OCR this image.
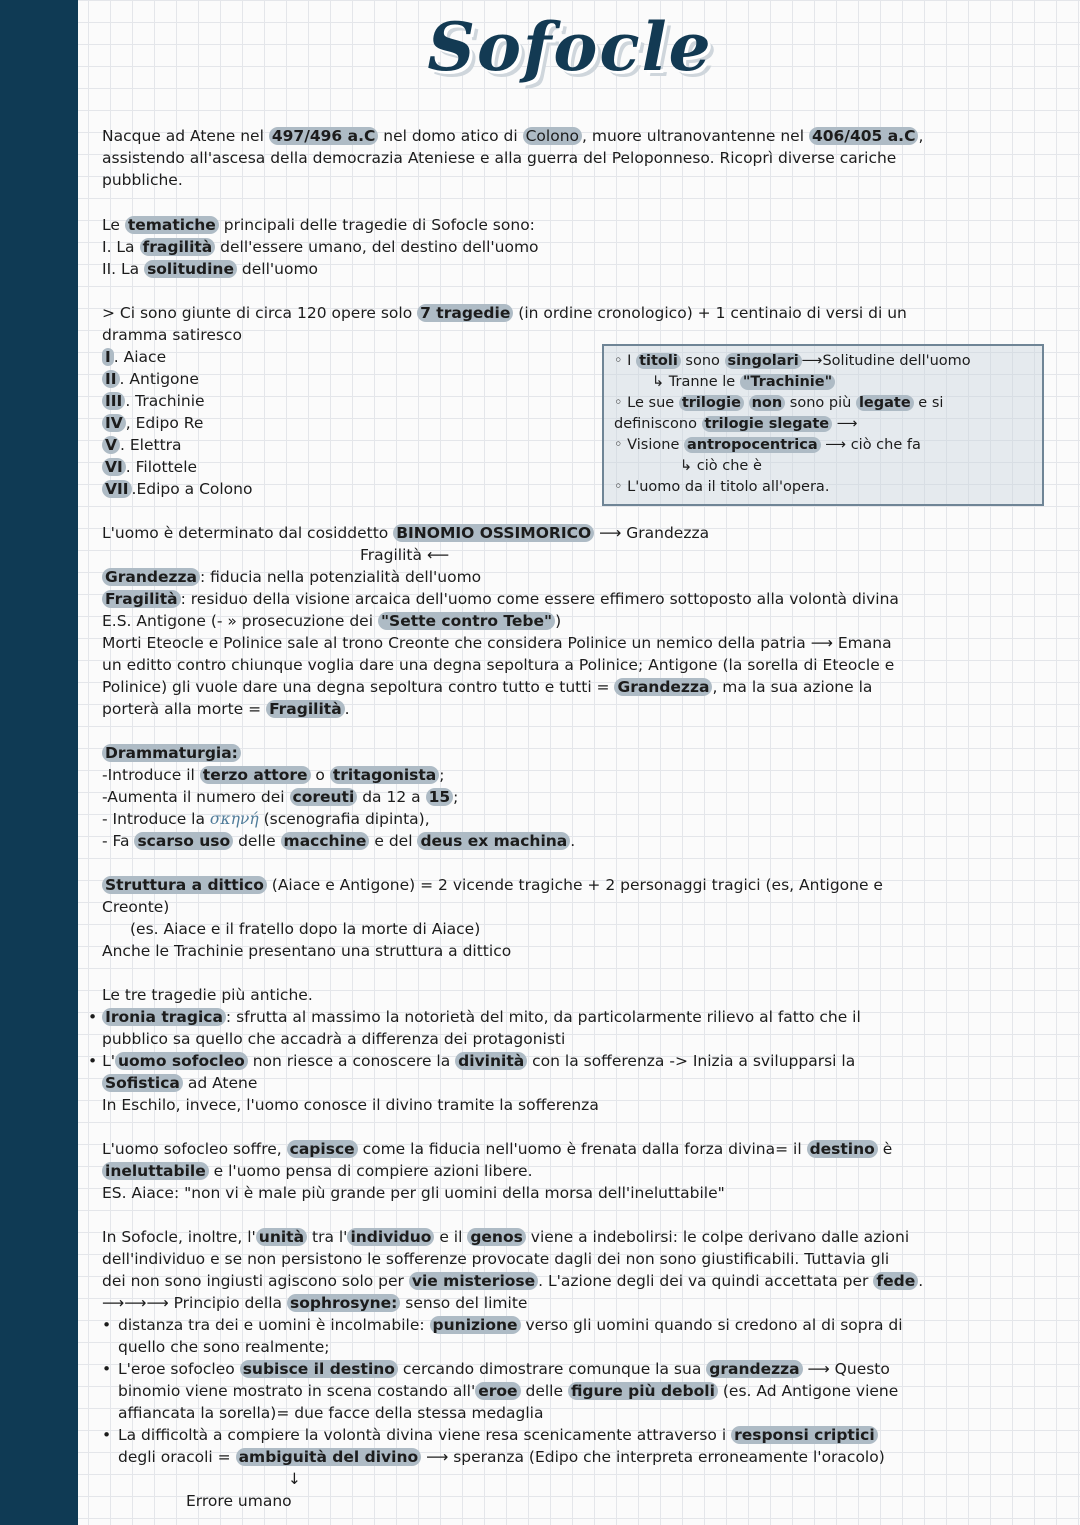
Sofocle
Nacque ad Atene nel 497/496 a.C nel domo atico di Colono , muore ultranovantenne nel 406/405 a.C ,
assistendo all'ascesa della democrazia Ateniese e alla guerra del Peloponneso. Ricoprì diverse cariche
pubbliche.
Le tematiche principali delle tragedie di Sofocle sono:
I. La fragilità dell'essere umano, del destino dell'uomo
II. La solitudine dell'uomo
> Ci sono giunte di circa 120 opere solo 7 tragedie (in ordine cronologico) + 1 centinaio di versi di un
dramma satiresco
I . Aiace
II . Antigone
III . Trachinie
IV , Edipo Re
V . Elettra
VI . Filottele
VII .Edipo a Colono
◦ I titoli sono singolari⟶Solitudine dell'uomo
↳ Tranne le "Trachinie"
◦ Le sue trilogie non sono più legate e si
definiscono trilogie slegate ⟶
◦ Visione antropocentrica ⟶ ciò che fa
↳ ciò che è
◦ L'uomo da il titolo all'opera.
L'uomo è determinato dal cosiddetto BINOMIO OSSIMORICO ⟶ Grandezza
Fragilità ⟵
Grandezza : fiducia nella potenzialità dell'uomo
Fragilità : residuo della visione arcaica dell'uomo come essere effimero sottoposto alla volontà divina
E.S. Antigone (- » prosecuzione dei "Sette contro Tebe" )
Morti Eteocle e Polinice sale al trono Creonte che considera Polinice un nemico della patria ⟶ Emana
un editto contro chiunque voglia dare una degna sepoltura a Polinice; Antigone (la sorella di Eteocle e
Polinice) gli vuole dare una degna sepoltura contro tutto e tutti = Grandezza , ma la sua azione la
porterà alla morte = Fragilità .
Drammaturgia:
-Introduce il terzo attore o tritagonista ;
-Aumenta il numero dei coreuti da 12 a 15 ;
- Introduce la σκηνή (scenografia dipinta),
- Fa scarso uso delle macchine e del deus ex machina .
Struttura a dittico (Aiace e Antigone) = 2 vicende tragiche + 2 personaggi tragici (es, Antigone e
Creonte)
(es. Aiace e il fratello dopo la morte di Aiace)
Anche le Trachinie presentano una struttura a dittico
Le tre tragedie più antiche.
• Ironia tragica : sfrutta al massimo la notorietà del mito, da particolarmente rilievo al fatto che il
pubblico sa quello che accadrà a differenza dei protagonisti
• L' uomo sofocleo non riesce a conoscere la divinità con la sofferenza -> Inizia a svilupparsi la
Sofistica ad Atene
In Eschilo, invece, l'uomo conosce il divino tramite la sofferenza
L'uomo sofocleo soffre, capisce come la fiducia nell'uomo è frenata dalla forza divina= il destino è
ineluttabile e l'uomo pensa di compiere azioni libere.
ES. Aiace: "non vi è male più grande per gli uomini della morsa dell'ineluttabile"
In Sofocle, inoltre, l' unità tra l' individuo e il genos viene a indebolirsi: le colpe derivano dalle azioni
dell'individuo e se non persistono le sofferenze provocate dagli dei non sono giustificabili. Tuttavia gli
dei non sono ingiusti agiscono solo per vie misteriose . L'azione degli dei va quindi accettata per fede .
⟶⟶⟶ Principio della sophrosyne: senso del limite
• distanza tra dei e uomini è incolmabile: punizione verso gli uomini quando si credono al di sopra di
quello che sono realmente;
• L'eroe sofocleo subisce il destino cercando dimostrare comunque la sua grandezza ⟶ Questo
binomio viene mostrato in scena costando all' eroe delle figure più deboli (es. Ad Antigone viene
affiancata la sorella)= due facce della stessa medaglia
• La difficoltà a compiere la volontà divina viene resa scenicamente attraverso i responsi criptici
degli oracoli = ambiguità del divino ⟶ speranza (Edipo che interpreta erroneamente l'oracolo)
↓
Errore umano
